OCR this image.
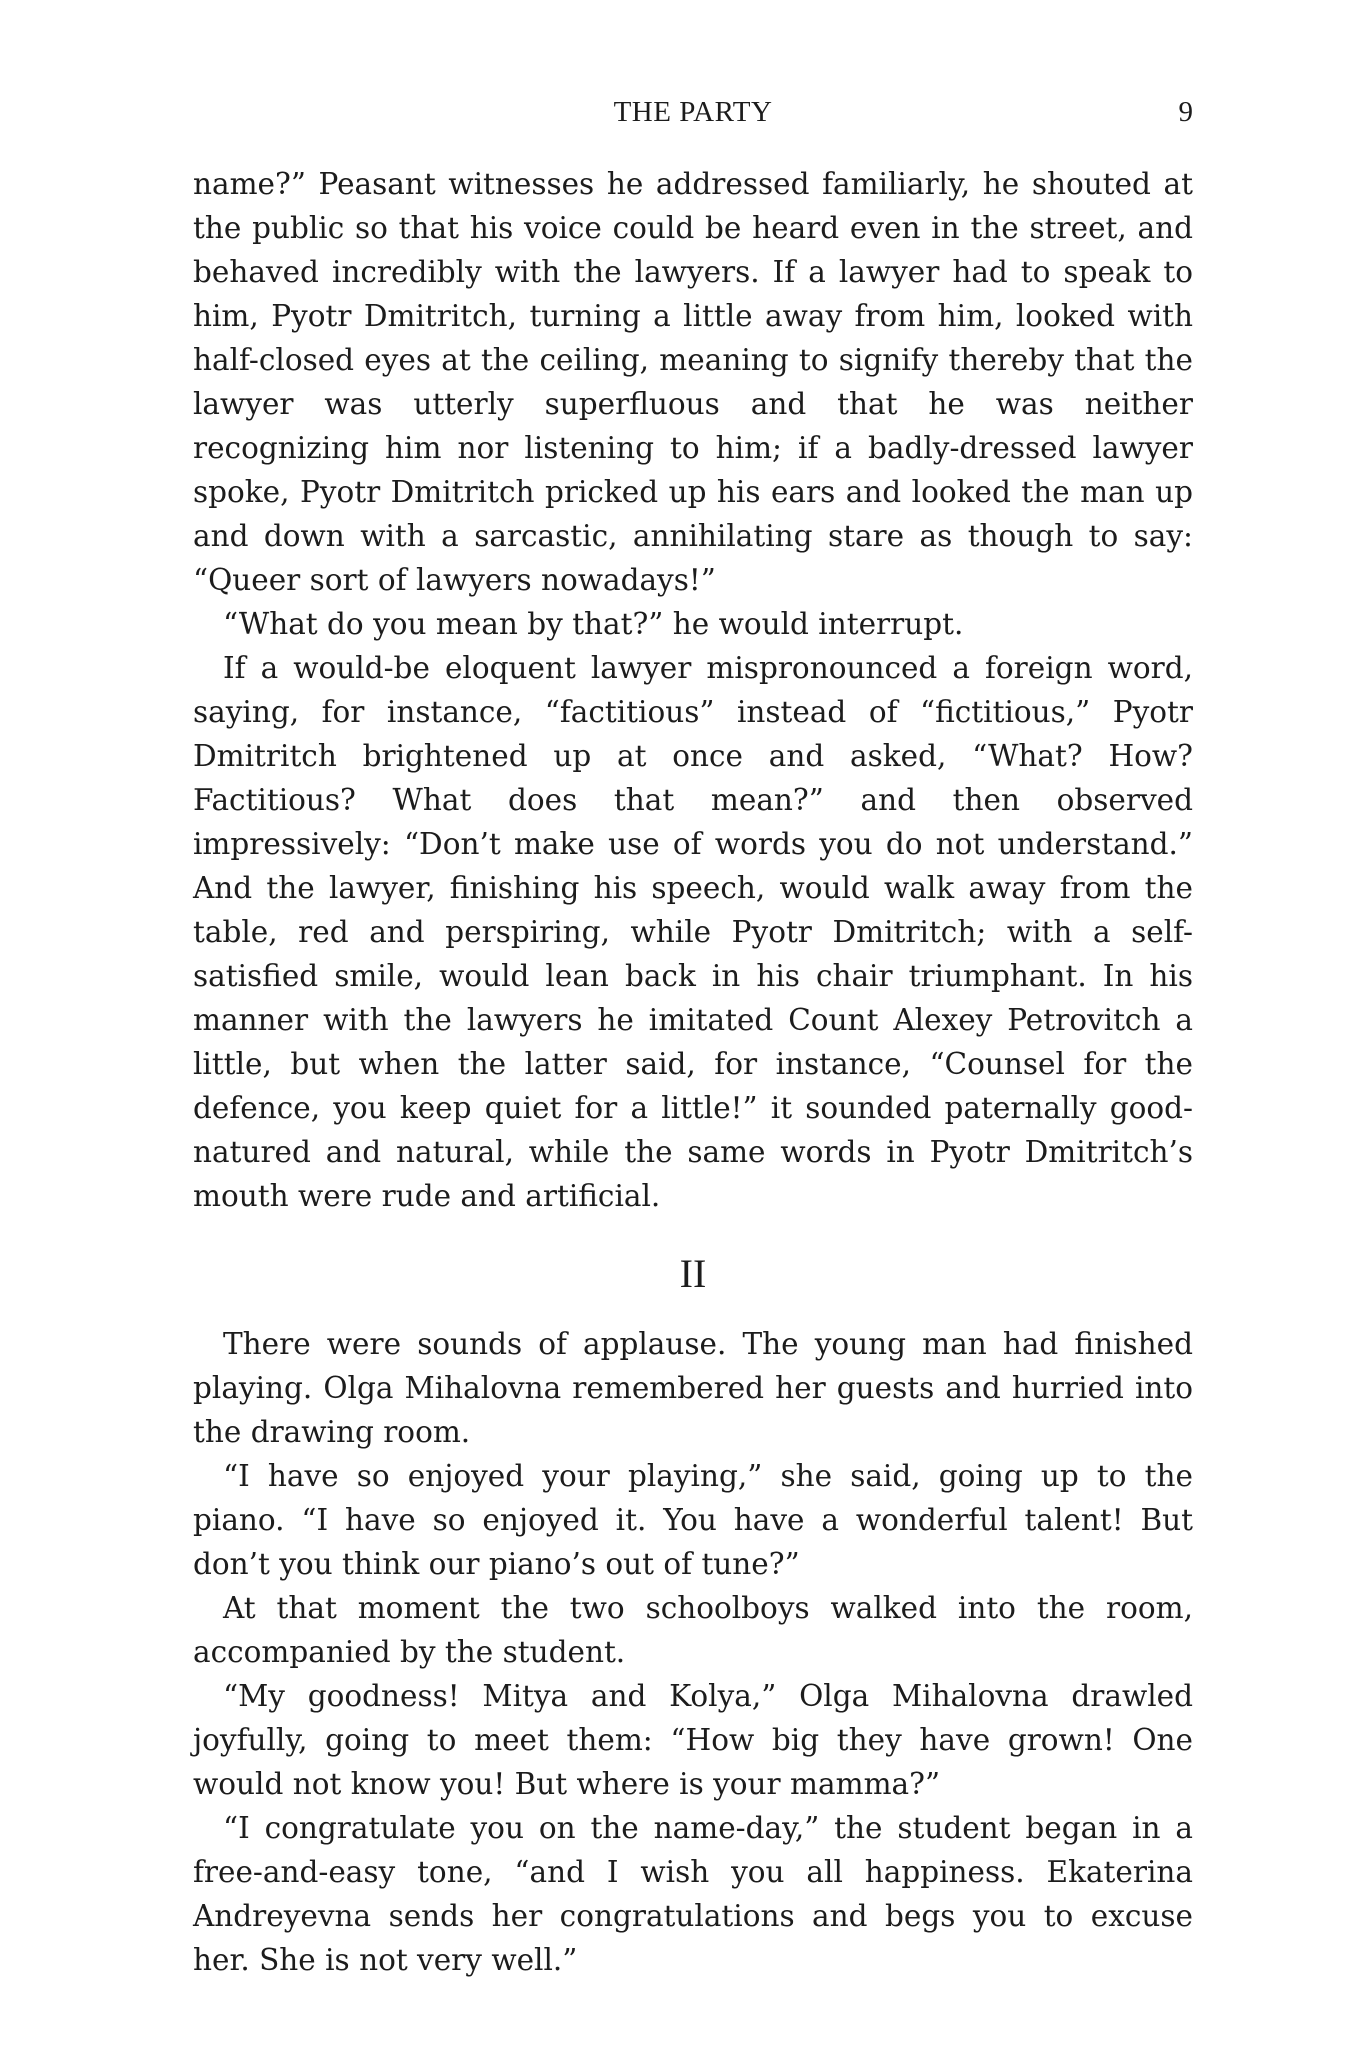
THE PARTY	9

name?” Peasant witnesses he addressed familiarly, he shouted at the public so that his voice could be heard even in the street, and behaved incredibly with the lawyers. If a lawyer had to speak to him, Pyotr Dmitritch, turning a little away from him, looked with half-closed eyes at the ceiling, meaning to signify thereby that the lawyer was utterly superfluous and that he was neither recognizing him nor listening to him; if a badly-dressed lawyer spoke, Pyotr Dmitritch pricked up his ears and looked the man up and down with a sarcastic, annihilating stare as though to say: “Queer sort of lawyers nowadays!”

“What do you mean by that?” he would interrupt.

If a would-be eloquent lawyer mispronounced a foreign word, saying, for instance, “factitious” instead of “fictitious,” Pyotr Dmitritch brightened up at once and asked, “What? How? Factitious? What does that mean?” and then observed impressively: “Don’t make use of words you do not understand.” And the lawyer, finishing his speech, would walk away from the table, red and perspiring, while Pyotr Dmitritch; with a self-satisfied smile, would lean back in his chair triumphant. In his manner with the lawyers he imitated Count Alexey Petrovitch a little, but when the latter said, for instance, “Counsel for the defence, you keep quiet for a little!” it sounded paternally good-natured and natural, while the same words in Pyotr Dmitritch’s mouth were rude and artificial.

II

There were sounds of applause. The young man had finished playing. Olga Mihalovna remembered her guests and hurried into the drawing room.

“I have so enjoyed your playing,” she said, going up to the piano. “I have so enjoyed it. You have a wonderful talent! But don’t you think our piano’s out of tune?”

At that moment the two schoolboys walked into the room, accompanied by the student.

“My goodness! Mitya and Kolya,” Olga Mihalovna drawled joyfully, going to meet them: “How big they have grown! One would not know you! But where is your mamma?”

“I congratulate you on the name-day,” the student began in a free-and-easy tone, “and I wish you all happiness. Ekaterina Andreyevna sends her congratulations and begs you to excuse her. She is not very well.”
